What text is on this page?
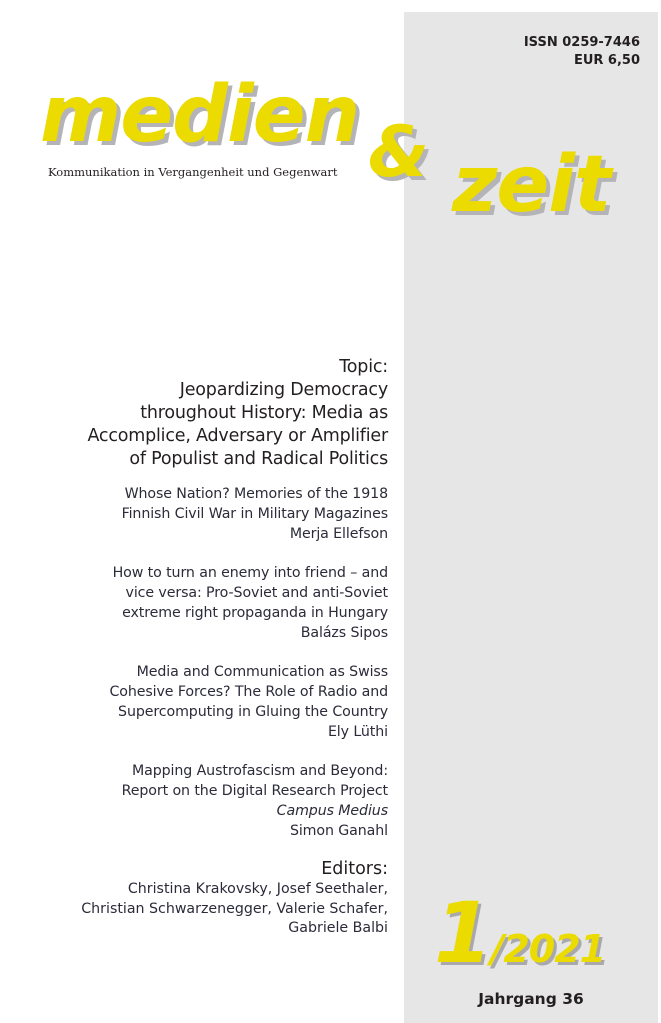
ISSN 0259-7446
EUR 6,50
medien
Kommunikation in Vergangenheit und Gegenwart & zeit
Topic:
Jeopardizing Democracy
throughout History: Media as
Accomplice, Adversary or Amplifier
of Populist and Radical Politics
Whose Nation? Memories of the 1918
Finnish Civil War in Military Magazines
Merja Ellefson
How to turn an enemy into friend – and
vice versa: Pro-Soviet and anti-Soviet
extreme right propaganda in Hungary
Balázs Sipos
Media and Communication as Swiss
Cohesive Forces? The Role of Radio and
Supercomputing in Gluing the Country
Ely Lüthi
Mapping Austrofascism and Beyond:
Report on the Digital Research Project
Campus Medius
Simon Ganahl
Editors:
Christina Krakovsky, Josef Seethaler,
Christian Schwarzenegger, Valerie Schafer,
Gabriele Balbi 1/2021
Jahrgang 36
